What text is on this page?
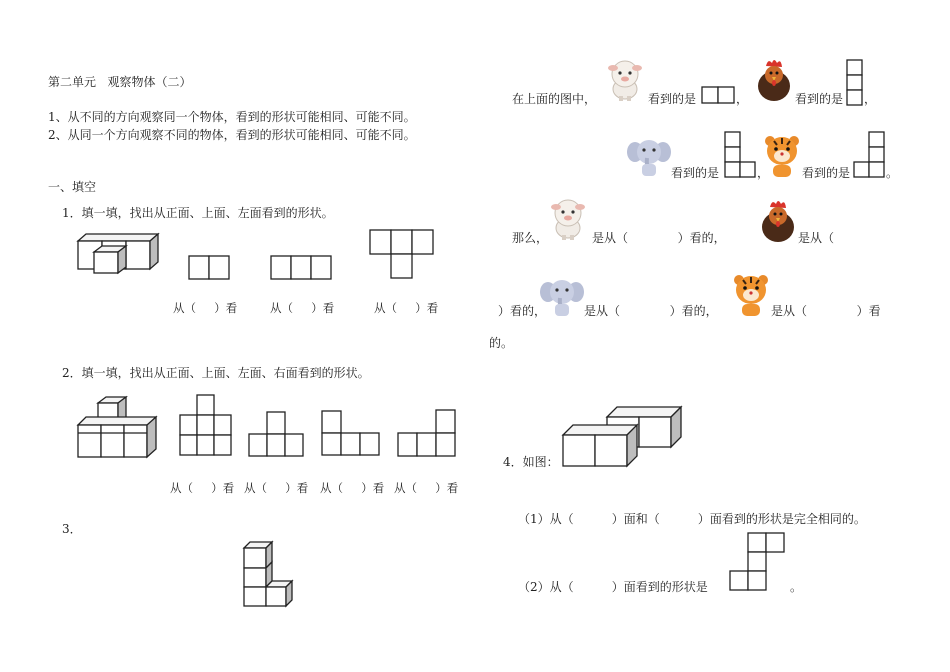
第二单元   观察物体（二）
1、从不同的方向观察同一个物体，看到的形状可能相同、可能不同。
2、从同一个方向观察不同的物体，看到的形状可能相同、可能不同。
一、填空
1．填一填，找出从正面、上面、左面看到的形状。
从（     ）看	从（     ）看	从（     ）看
2．填一填，找出从正面、上面、左面、右面看到的形状。
从（     ）看 从（     ）看 从（     ）看 从（     ）看
3．
在上面的图中，	看到的是	，	看到的是 ，
看到的是	，	看到的是	。
那么，	是从（             ）看的，	是从（
）看的，	是从（             ）看的，	是从（             ）看
的。
4．如图：
（1）从（          ）面和（          ）面看到的形状是完全相同的。
（2）从（          ）面看到的形状是	。
